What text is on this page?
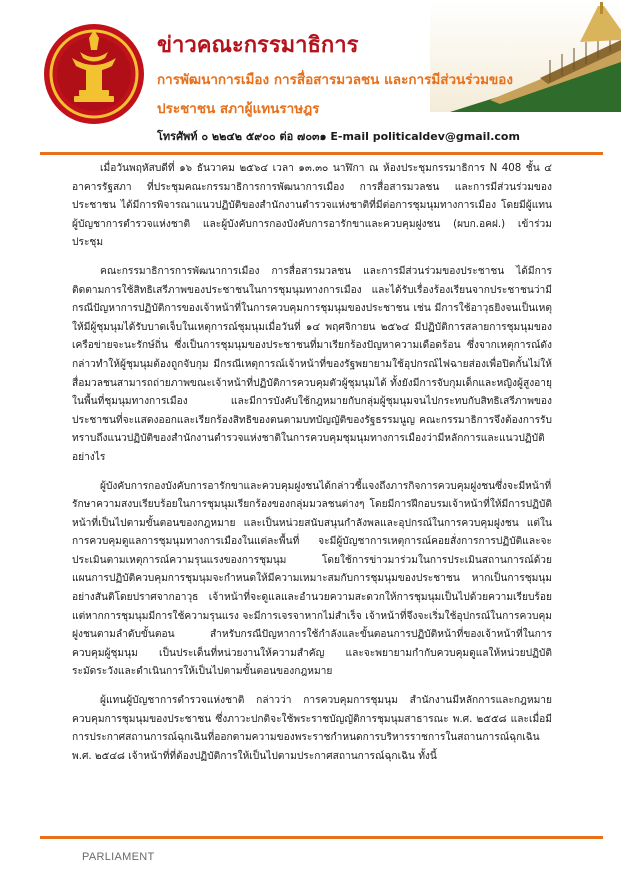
ข่าวคณะกรรมาธิการ

การพัฒนาการเมือง การสื่อสารมวลชน และการมีส่วนร่วมของ

ประชาชน สภาผู้แทนราษฎร

โทรศัพท์ ๐ ๒๒๔๒ ๕๙๐๐ ต่อ ๗๐๓๑ E-mail politicaldev@gmail.com

เมื่อวันพฤหัสบดีที่ ๑๖ ธันวาคม ๒๕๖๔ เวลา ๑๓.๓๐ นาฬิกา ณ ห้องประชุมกรรมาธิการ N 408 ชั้น ๔ อาคารรัฐสภา ที่ประชุมคณะกรรมาธิการการพัฒนาการเมือง การสื่อสารมวลชน และการมีส่วนร่วมของประชาชน ได้มีการพิจารณาแนวปฏิบัติของสำนักงานตำรวจแห่งชาติที่มีต่อการชุมนุมทางการเมือง โดยมีผู้แทนผู้บัญชาการตำรวจแห่งชาติ และผู้บังคับการกองบังคับการอารักขาและควบคุมฝูงชน (ผบก.อคฝ.) เข้าร่วมประชุม

คณะกรรมาธิการการพัฒนาการเมือง การสื่อสารมวลชน และการมีส่วนร่วมของประชาชน ได้มีการติดตามการใช้สิทธิเสรีภาพของประชาชนในการชุมนุมทางการเมือง และได้รับเรื่องร้องเรียนจากประชาชนว่ามีกรณีปัญหาการปฏิบัติการของเจ้าหน้าที่ในการควบคุมการชุมนุมของประชาชน เช่น มีการใช้อาวุธยิงจนเป็นเหตุให้มีผู้ชุมนุมได้รับบาดเจ็บในเหตุการณ์ชุมนุมเมื่อวันที่ ๑๔ พฤศจิกายน ๒๕๖๔ มีปฏิบัติการสลายการชุมนุมของเครือข่ายจะนะรักษ์ถิ่น ซึ่งเป็นการชุมนุมของประชาชนที่มาเรียกร้องปัญหาความเดือดร้อน ซึ่งจากเหตุการณ์ดังกล่าวทำให้ผู้ชุมนุมต้องถูกจับกุม มีกรณีเหตุการณ์เจ้าหน้าที่ของรัฐพยายามใช้อุปกรณ์ไฟฉายส่องเพื่อปิดกั้นไม่ให้สื่อมวลชนสามารถถ่ายภาพขณะเจ้าหน้าที่ปฏิบัติการควบคุมตัวผู้ชุมนุมได้ ทั้งยังมีการจับกุมเด็กและหญิงผู้สูงอายุในพื้นที่ชุมนุมทางการเมือง และมีการบังคับใช้กฎหมายกับกลุ่มผู้ชุมนุมจนไปกระทบกับสิทธิเสรีภาพของประชาชนที่จะแสดงออกและเรียกร้องสิทธิของตนตามบทบัญญัติของรัฐธรรมนูญ คณะกรรมาธิการจึงต้องการรับทราบถึงแนวปฏิบัติของสำนักงานตำรวจแห่งชาติในการควบคุมชุมนุมทางการเมืองว่ามีหลักการและแนวปฏิบัติอย่างไร

ผู้บังคับการกองบังคับการอารักขาและควบคุมฝูงชนได้กล่าวชี้แจงถึงภารกิจการควบคุมฝูงชนซึ่งจะมีหน้าที่รักษาความสงบเรียบร้อยในการชุมนุมเรียกร้องของกลุ่มมวลชนต่างๆ โดยมีการฝึกอบรมเจ้าหน้าที่ให้มีการปฏิบัติหน้าที่เป็นไปตามขั้นตอนของกฎหมาย และเป็นหน่วยสนับสนุนกำลังพลและอุปกรณ์ในการควบคุมฝูงชน แต่ในการควบคุมดูแลการชุมนุมทางการเมืองในแต่ละพื้นที่ จะมีผู้บัญชาการเหตุการณ์คอยสั่งการการปฏิบัติและจะประเมินตามเหตุการณ์ความรุนแรงของการชุมนุม โดยใช้การข่าวมาร่วมในการประเมินสถานการณ์ด้วย แผนการปฏิบัติควบคุมการชุมนุมจะกำหนดให้มีความเหมาะสมกับการชุมนุมของประชาชน หากเป็นการชุมนุมอย่างสันติโดยปราศจากอาวุธ เจ้าหน้าที่จะดูแลและอำนวยความสะดวกให้การชุมนุมเป็นไปด้วยความเรียบร้อย แต่หากการชุมนุมมีการใช้ความรุนแรง จะมีการเจรจาหากไม่สำเร็จ เจ้าหน้าที่จึงจะเริ่มใช้อุปกรณ์ในการควบคุมฝูงชนตามลำดับขั้นตอน สำหรับกรณีปัญหาการใช้กำลังและขั้นตอนการปฏิบัติหน้าที่ของเจ้าหน้าที่ในการควบคุมผู้ชุมนุม เป็นประเด็นที่หน่วยงานให้ความสำคัญ และจะพยายามกำกับควบคุมดูแลให้หน่วยปฏิบัติระมัดระวังและดำเนินการให้เป็นไปตามขั้นตอนของกฎหมาย

ผู้แทนผู้บัญชาการตำรวจแห่งชาติ กล่าวว่า การควบคุมการชุมนุม สำนักงานมีหลักการและกฎหมายควบคุมการชุมนุมของประชาชน ซึ่งภาวะปกติจะใช้พระราชบัญญัติการชุมนุมสาธารณะ พ.ศ. ๒๕๕๘ และเมื่อมีการประกาศสถานการณ์ฉุกเฉินที่ออกตามความของพระราชกำหนดการบริหารราชการในสถานการณ์ฉุกเฉิน พ.ศ. ๒๕๔๘ เจ้าหน้าที่ที่ต้องปฏิบัติการให้เป็นไปตามประกาศสถานการณ์ฉุกเฉิน ทั้งนี้

PARLIAMENT
